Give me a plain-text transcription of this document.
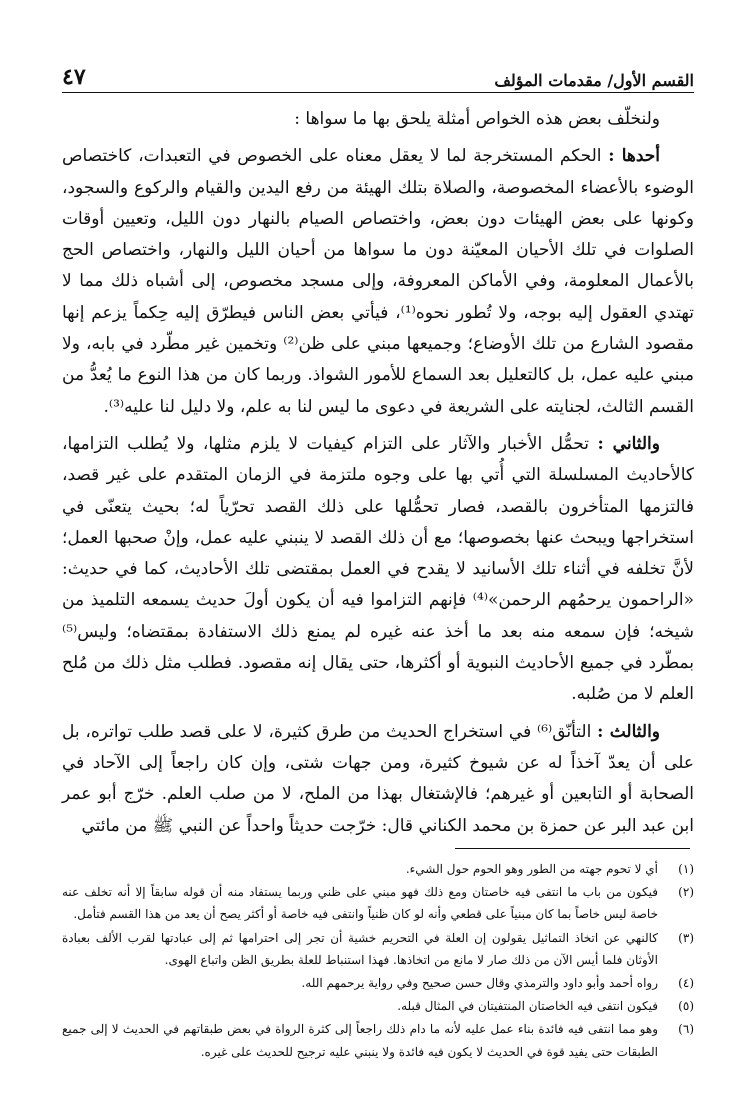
القسم الأول/ مقدمات المؤلف
٤٧

ولنخلّف بعض هذه الخواص أمثلة يلحق بها ما سواها :

أحدها : الحكم المستخرجة لما لا يعقل معناه على الخصوص في التعبدات، كاختصاص الوضوء بالأعضاء المخصوصة، والصلاة بتلك الهيئة من رفع اليدين والقيام والركوع والسجود، وكونها على بعض الهيئات دون بعض، واختصاص الصيام بالنهار دون الليل، وتعيين أوقات الصلوات في تلك الأحيان المعيّنة دون ما سواها من أحيان الليل والنهار، واختصاص الحج بالأعمال المعلومة، وفي الأماكن المعروفة، وإلى مسجد مخصوص، إلى أشباه ذلك مما لا تهتدي العقول إليه بوجه، ولا تُطور نحوه⁽¹⁾، فيأتي بعض الناس فيطرّق إليه حِكماً يزعم إنها مقصود الشارع من تلك الأوضاع؛ وجميعها مبني على ظن⁽²⁾ وتخمين غير مطّرد في بابه، ولا مبني عليه عمل، بل كالتعليل بعد السماع للأمور الشواذ. وربما كان من هذا النوع ما يُعدُّ من القسم الثالث، لجنايته على الشريعة في دعوى ما ليس لنا به علم، ولا دليل لنا عليه⁽³⁾.

والثاني : تحمُّل الأخبار والآثار على التزام كيفيات لا يلزم مثلها، ولا يُطلب التزامها، كالأحاديث المسلسلة التي أُتي بها على وجوه ملتزمة في الزمان المتقدم على غير قصد، فالتزمها المتأخرون بالقصد، فصار تحمُّلها على ذلك القصد تحرّياً له؛ بحيث يتعنّى في استخراجها ويبحث عنها بخصوصها؛ مع أن ذلك القصد لا ينبني عليه عمل، وإنْ صحبها العمل؛ لأنَّ تخلفه في أثناء تلك الأسانيد لا يقدح في العمل بمقتضى تلك الأحاديث، كما في حديث: «الراحمون يرحمُهم الرحمن»⁽⁴⁾ فإنهم التزاموا فيه أن يكون أولَ حديث يسمعه التلميذ من شيخه؛ فإن سمعه منه بعد ما أخذ عنه غيره لم يمنع ذلك الاستفادة بمقتضاه؛ وليس⁽⁵⁾ بمطّرد في جميع الأحاديث النبوية أو أكثرها، حتى يقال إنه مقصود. فطلب مثل ذلك من مُلح العلم لا من صُلبه.

والثالث : التأنّق⁽⁶⁾ في استخراج الحديث من طرق كثيرة، لا على قصد طلب تواتره، بل على أن يعدّ آخذاً له عن شيوخ كثيرة، ومن جهات شتى، وإن كان راجعاً إلى الآحاد في الصحابة أو التابعين أو غيرهم؛ فالإشتغال بهذا من الملح، لا من صلب العلم. خرّج أبو عمر ابن عبد البر عن حمزة بن محمد الكناني قال: خرّجت حديثاً واحداً عن النبي ﷺ من مائتي

(١)
أي لا تحوم جهته من الطور وهو الحوم حول الشيء.
(٢)
فيكون من باب ما انتفى فيه خاصتان ومع ذلك فهو مبني على ظني وربما يستفاد منه أن قوله سابقاً إلا أنه تخلف عنه خاصة ليس خاصاً بما كان مبنياً على قطعي وأنه لو كان ظنياً وانتفى فيه خاصة أو أكثر يصح أن يعد من هذا القسم فتأمل.
(٣)
كالنهي عن اتخاذ التماثيل يقولون إن العلة في التحريم خشية أن تجر إلى احترامها ثم إلى عبادتها لقرب الألف بعبادة الأوثان فلما أيس الآن من ذلك صار لا مانع من اتخاذها. فهذا استنباط للعلة بطريق الظن واتباع الهوى.
(٤)
رواه أحمد وأبو داود والترمذي وقال حسن صحيح وفي رواية يرحمهم الله.
(٥)
فيكون انتفى فيه الخاصتان المنتفيتان في المثال قبله.
(٦)
وهو مما انتفى فيه فائدة بناء عمل عليه لأنه ما دام ذلك راجعاً إلى كثرة الرواة في بعض طبقاتهم في الحديث لا إلى جميع الطبقات حتى يفيد قوة في الحديث لا يكون فيه فائدة ولا ينبني عليه ترجيح للحديث على غيره.
